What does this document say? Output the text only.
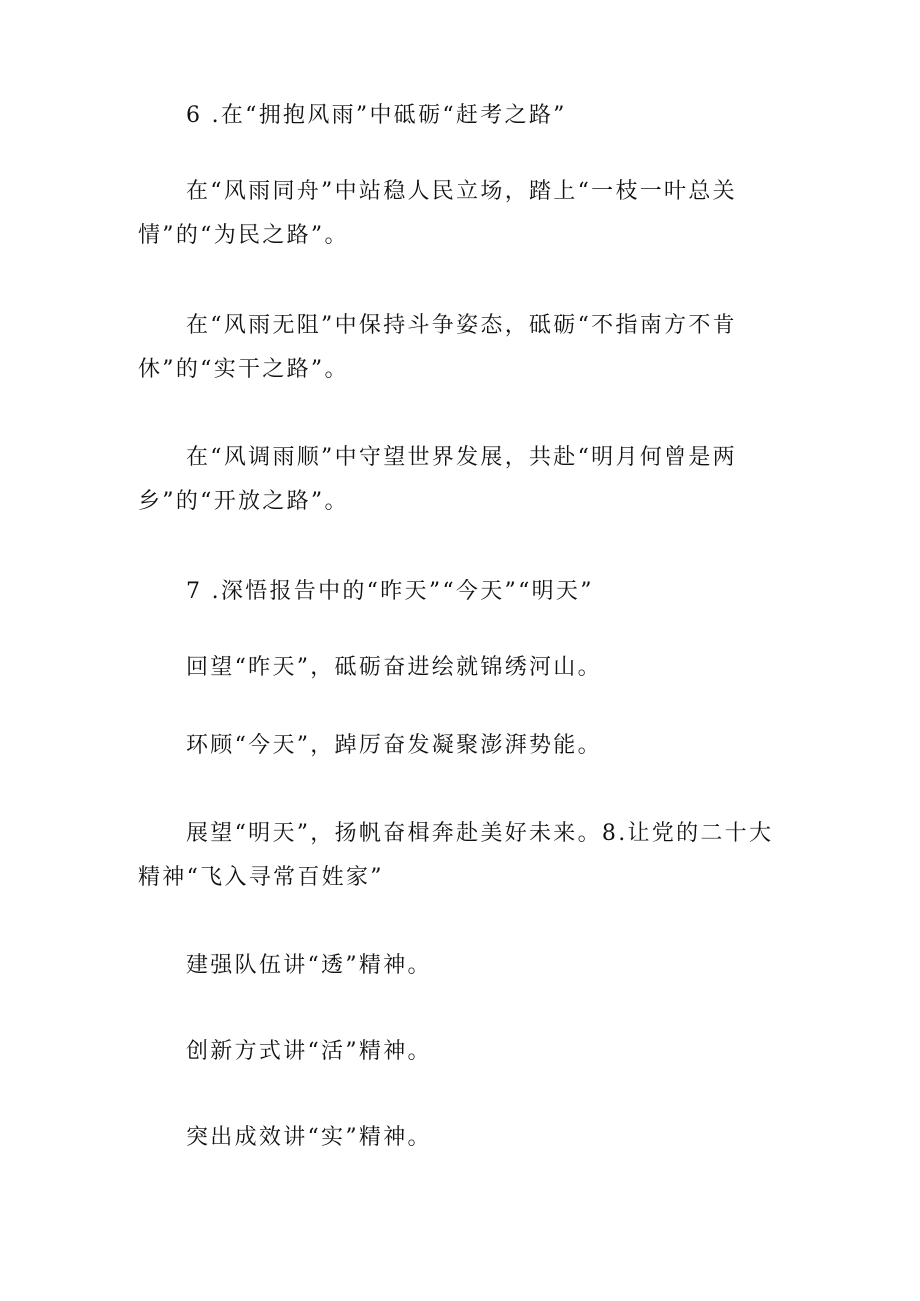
6 .在“拥抱风雨”中砥砺“赶考之路”

在“风雨同舟”中站稳人民立场，踏上“一枝一叶总关情”的“为民之路”。

在“风雨无阻”中保持斗争姿态，砥砺“不指南方不肯休”的“实干之路”。

在“风调雨顺”中守望世界发展，共赴“明月何曾是两乡”的“开放之路”。

7 .深悟报告中的“昨天”“今天”“明天”

回望“昨天”，砥砺奋进绘就锦绣河山。

环顾“今天”，踔厉奋发凝聚澎湃势能。

展望“明天”，扬帆奋楫奔赴美好未来。8.让党的二十大精神“飞入寻常百姓家”

建强队伍讲“透”精神。

创新方式讲“活”精神。

突出成效讲“实”精神。
